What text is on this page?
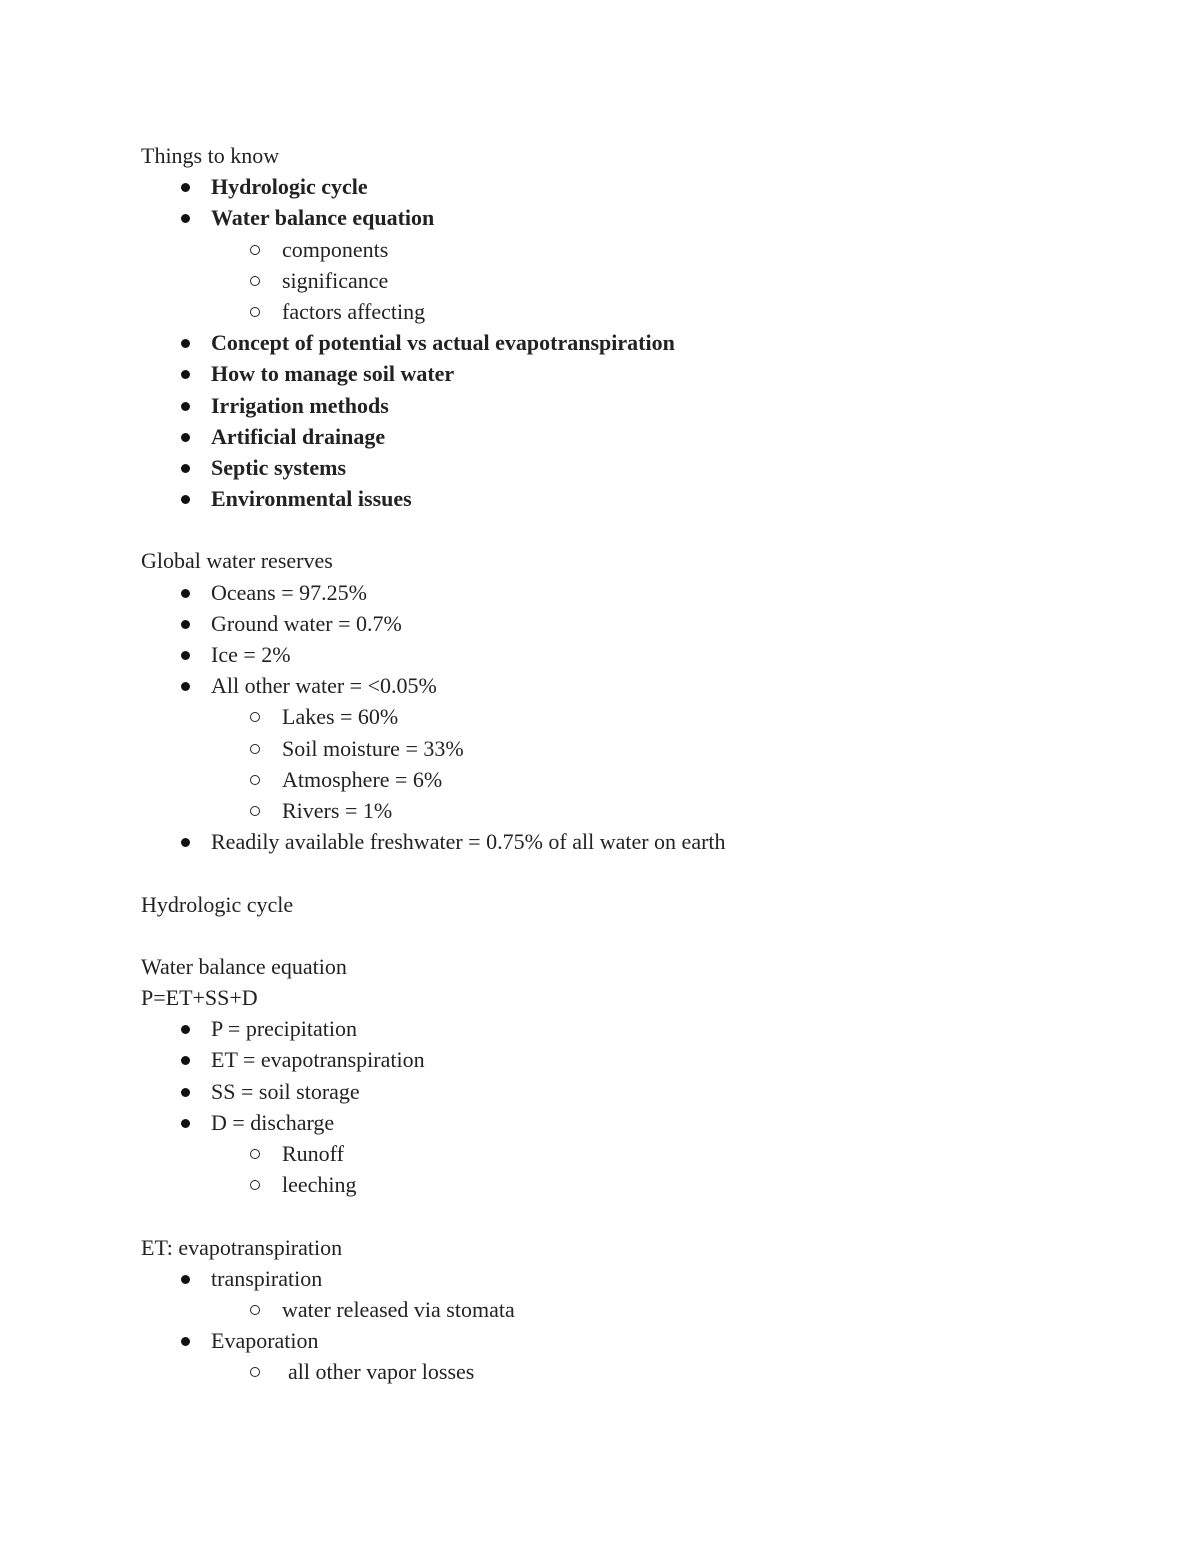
Things to know
Hydrologic cycle
Water balance equation
components
significance
factors affecting
Concept of potential vs actual evapotranspiration
How to manage soil water
Irrigation methods
Artificial drainage
Septic systems
Environmental issues
Global water reserves
Oceans = 97.25%
Ground water = 0.7%
Ice = 2%
All other water = <0.05%
Lakes = 60%
Soil moisture = 33%
Atmosphere = 6%
Rivers = 1%
Readily available freshwater = 0.75% of all water on earth
Hydrologic cycle
Water balance equation
P=ET+SS+D
P = precipitation
ET = evapotranspiration
SS = soil storage
D = discharge
Runoff
leeching
ET: evapotranspiration
transpiration
water released via stomata
Evaporation
all other vapor losses
